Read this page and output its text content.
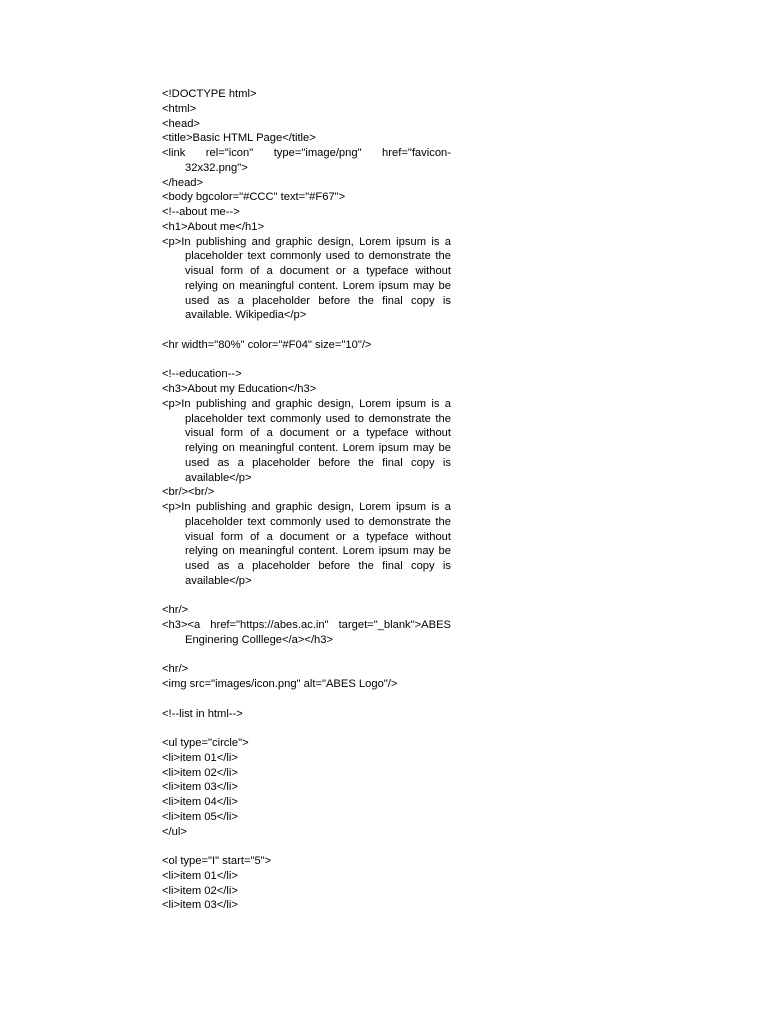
<!DOCTYPE html>

<html>

<head>

<title>Basic HTML Page</title>

<link rel="icon" type="image/png" href="favicon-32x32.png">

</head>

<body bgcolor="#CCC" text="#F67">

<!--about me-->

<h1>About me</h1>

<p>In publishing and graphic design, Lorem ipsum is a placeholder text commonly used to demonstrate the visual form of a document or a typeface without relying on meaningful content. Lorem ipsum may be used as a placeholder before the final copy is available. Wikipedia</p>

<hr width="80%" color="#F04" size="10"/>

<!--education-->

<h3>About my Education</h3>

<p>In publishing and graphic design, Lorem ipsum is a placeholder text commonly used to demonstrate the visual form of a document or a typeface without relying on meaningful content. Lorem ipsum may be used as a placeholder before the final copy is available</p>

<br/><br/>

<p>In publishing and graphic design, Lorem ipsum is a placeholder text commonly used to demonstrate the visual form of a document or a typeface without relying on meaningful content. Lorem ipsum may be used as a placeholder before the final copy is available</p>

<hr/>

<h3><a href="https://abes.ac.in" target="_blank">ABES Enginering Colllege</a></h3>

<hr/>

<img src="images/icon.png" alt="ABES Logo"/>

<!--list in html-->

<ul type="circle">

<li>item 01</li>

<li>item 02</li>

<li>item 03</li>

<li>item 04</li>

<li>item 05</li>

</ul>

<ol type="I" start="5">

<li>item 01</li>

<li>item 02</li>

<li>item 03</li>
